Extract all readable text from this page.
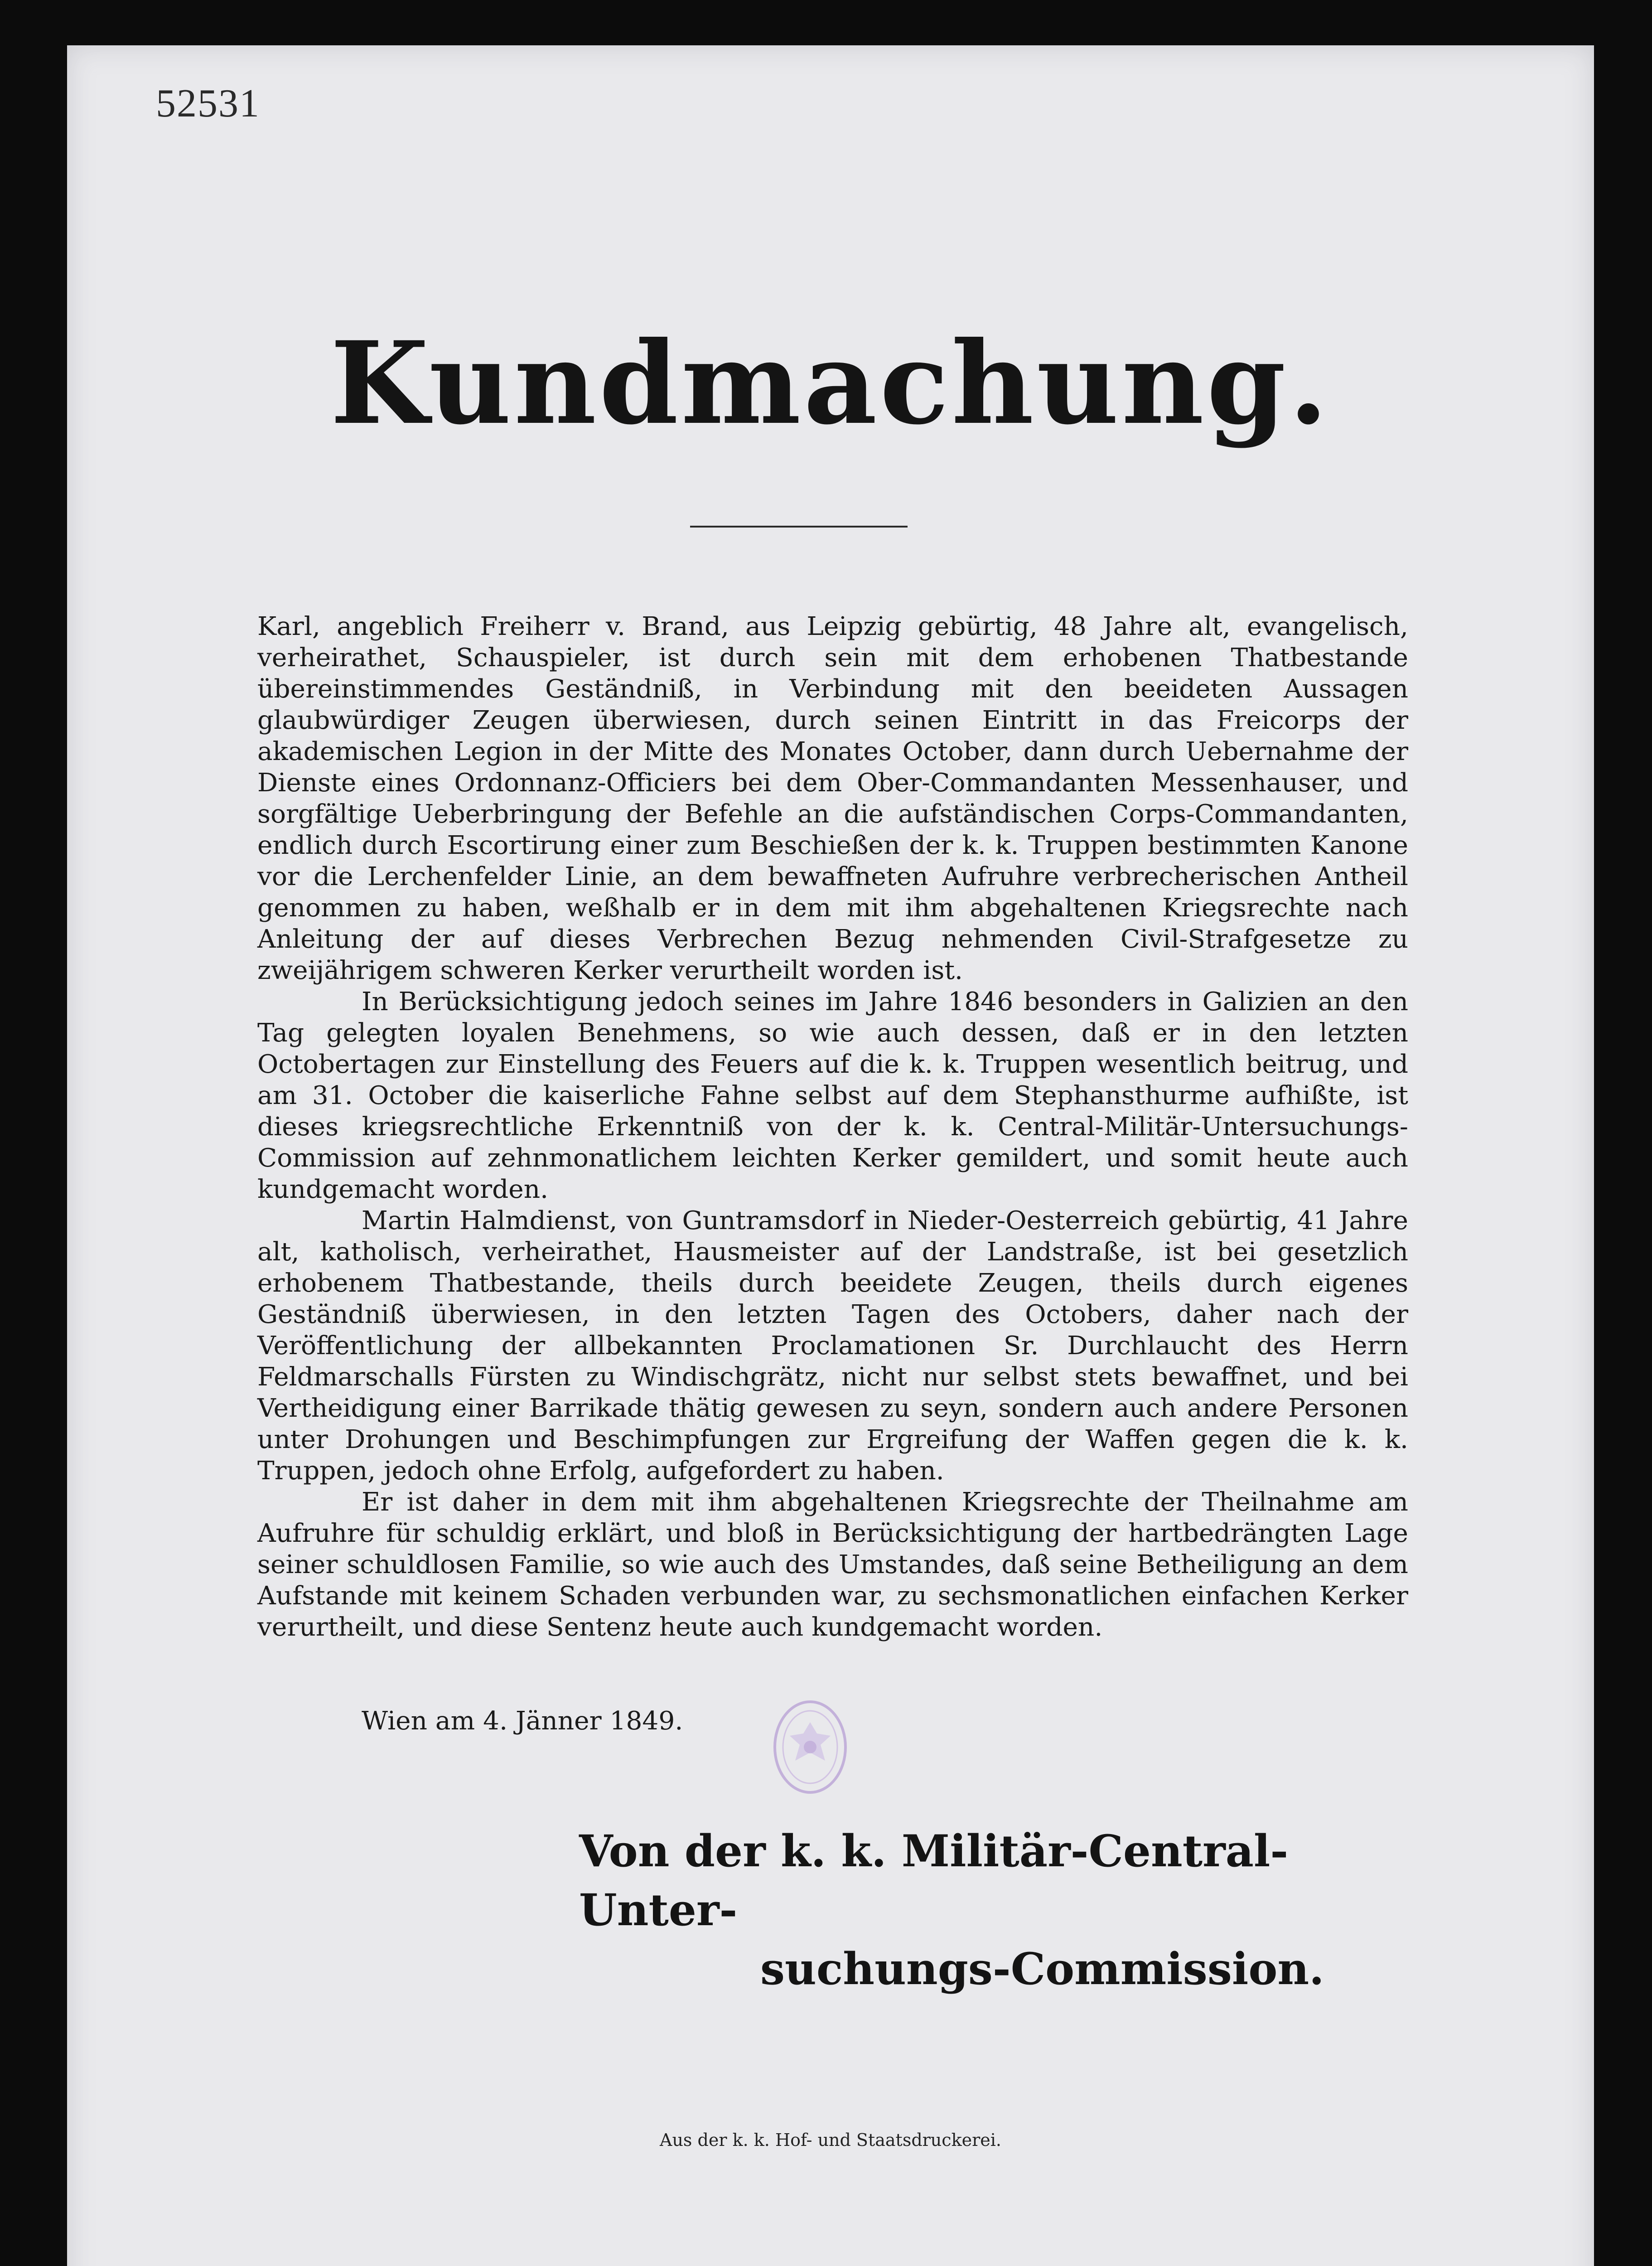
52531
Kundmachung.

Karl, angeblich Freiherr v. Brand, aus Leipzig gebürtig, 48 Jahre alt, evangelisch, verheirathet, Schauspieler, ist durch sein mit dem erhobenen Thatbestande übereinstimmendes Geständniß, in Verbindung mit den beeideten Aussagen glaubwürdiger Zeugen überwiesen, durch seinen Eintritt in das Freicorps der akademischen Legion in der Mitte des Monates October, dann durch Uebernahme der Dienste eines Ordonnanz-Officiers bei dem Ober-Commandanten Messenhauser, und sorgfältige Ueberbringung der Befehle an die aufständischen Corps-Commandanten, endlich durch Escortirung einer zum Beschießen der k. k. Truppen bestimmten Kanone vor die Lerchenfelder Linie, an dem bewaffneten Aufruhre verbrecherischen Antheil genommen zu haben, weßhalb er in dem mit ihm abgehaltenen Kriegsrechte nach Anleitung der auf dieses Verbrechen Bezug nehmenden Civil-Strafgesetze zu zweijährigem schweren Kerker verurtheilt worden ist.

In Berücksichtigung jedoch seines im Jahre 1846 besonders in Galizien an den Tag gelegten loyalen Benehmens, so wie auch dessen, daß er in den letzten Octobertagen zur Einstellung des Feuers auf die k. k. Truppen wesentlich beitrug, und am 31. October die kaiserliche Fahne selbst auf dem Stephansthurme aufhißte, ist dieses kriegsrechtliche Erkenntniß von der k. k. Central-Militär-Untersuchungs-Commission auf zehnmonatlichem leichten Kerker gemildert, und somit heute auch kundgemacht worden.

Martin Halmdienst, von Guntramsdorf in Nieder-Oesterreich gebürtig, 41 Jahre alt, katholisch, verheirathet, Hausmeister auf der Landstraße, ist bei gesetzlich erhobenem Thatbestande, theils durch beeidete Zeugen, theils durch eigenes Geständniß überwiesen, in den letzten Tagen des Octobers, daher nach der Veröffentlichung der allbekannten Proclamationen Sr. Durchlaucht des Herrn Feldmarschalls Fürsten zu Windischgrätz, nicht nur selbst stets bewaffnet, und bei Vertheidigung einer Barrikade thätig gewesen zu seyn, sondern auch andere Personen unter Drohungen und Beschimpfungen zur Ergreifung der Waffen gegen die k. k. Truppen, jedoch ohne Erfolg, aufgefordert zu haben.

Er ist daher in dem mit ihm abgehaltenen Kriegsrechte der Theilnahme am Aufruhre für schuldig erklärt, und bloß in Berücksichtigung der hartbedrängten Lage seiner schuldlosen Familie, so wie auch des Umstandes, daß seine Betheiligung an dem Aufstande mit keinem Schaden verbunden war, zu sechsmonatlichen einfachen Kerker verurtheilt, und diese Sentenz heute auch kundgemacht worden.

Wien am 4. Jänner 1849.
Von der k. k. Militär-Central-Unter-
suchungs-Commission.
Aus der k. k. Hof- und Staatsdruckerei.
